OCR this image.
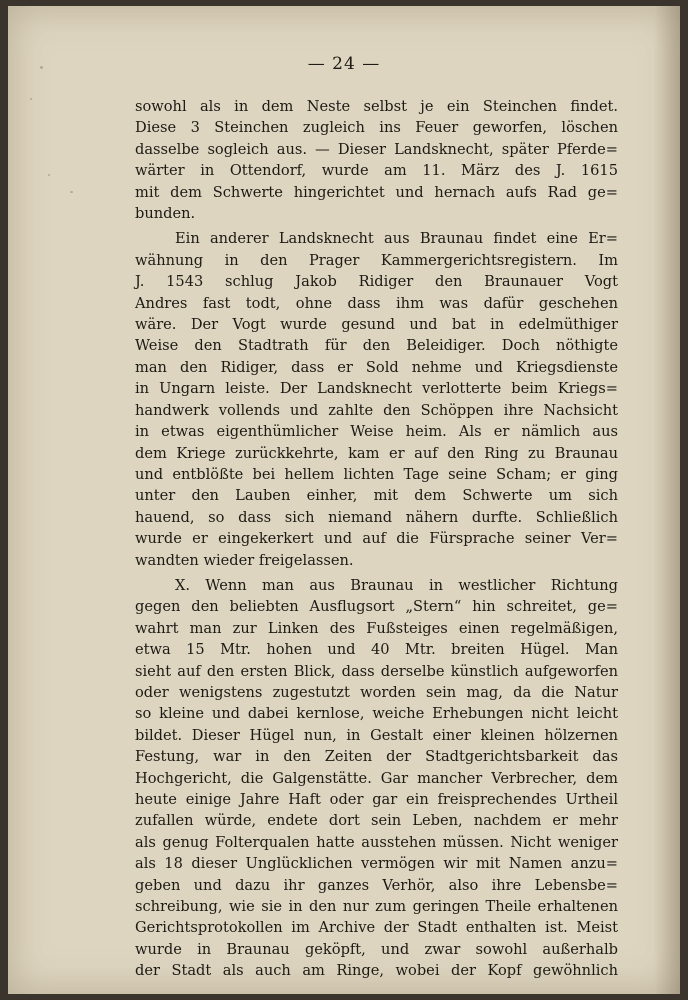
— 24 —
sowohl als in dem Neste selbst je ein Steinchen findet.
Diese 3 Steinchen zugleich ins Feuer geworfen, löschen
dasselbe sogleich aus. — Dieser Landsknecht, später Pferde=
wärter in Ottendorf, wurde am 11. März des J. 1615
mit dem Schwerte hingerichtet und hernach aufs Rad ge=
bunden.
Ein anderer Landsknecht aus Braunau findet eine Er=
wähnung in den Prager Kammergerichtsregistern. Im
J. 1543 schlug Jakob Ridiger den Braunauer Vogt
Andres fast todt, ohne dass ihm was dafür geschehen
wäre. Der Vogt wurde gesund und bat in edelmüthiger
Weise den Stadtrath für den Beleidiger. Doch nöthigte
man den Ridiger, dass er Sold nehme und Kriegsdienste
in Ungarn leiste. Der Landsknecht verlotterte beim Kriegs=
handwerk vollends und zahlte den Schöppen ihre Nachsicht
in etwas eigenthümlicher Weise heim. Als er nämlich aus
dem Kriege zurückkehrte, kam er auf den Ring zu Braunau
und entblößte bei hellem lichten Tage seine Scham; er ging
unter den Lauben einher, mit dem Schwerte um sich
hauend, so dass sich niemand nähern durfte. Schließlich
wurde er eingekerkert und auf die Fürsprache seiner Ver=
wandten wieder freigelassen.
X. Wenn man aus Braunau in westlicher Richtung
gegen den beliebten Ausflugsort „Stern“ hin schreitet, ge=
wahrt man zur Linken des Fußsteiges einen regelmäßigen,
etwa 15 Mtr. hohen und 40 Mtr. breiten Hügel. Man
sieht auf den ersten Blick, dass derselbe künstlich aufgeworfen
oder wenigstens zugestutzt worden sein mag, da die Natur
so kleine und dabei kernlose, weiche Erhebungen nicht leicht
bildet. Dieser Hügel nun, in Gestalt einer kleinen hölzernen
Festung, war in den Zeiten der Stadtgerichtsbarkeit das
Hochgericht, die Galgenstätte. Gar mancher Verbrecher, dem
heute einige Jahre Haft oder gar ein freisprechendes Urtheil
zufallen würde, endete dort sein Leben, nachdem er mehr
als genug Folterqualen hatte ausstehen müssen. Nicht weniger
als 18 dieser Unglücklichen vermögen wir mit Namen anzu=
geben und dazu ihr ganzes Verhör, also ihre Lebensbe=
schreibung, wie sie in den nur zum geringen Theile erhaltenen
Gerichtsprotokollen im Archive der Stadt enthalten ist. Meist
wurde in Braunau geköpft, und zwar sowohl außerhalb
der Stadt als auch am Ringe, wobei der Kopf gewöhnlich
